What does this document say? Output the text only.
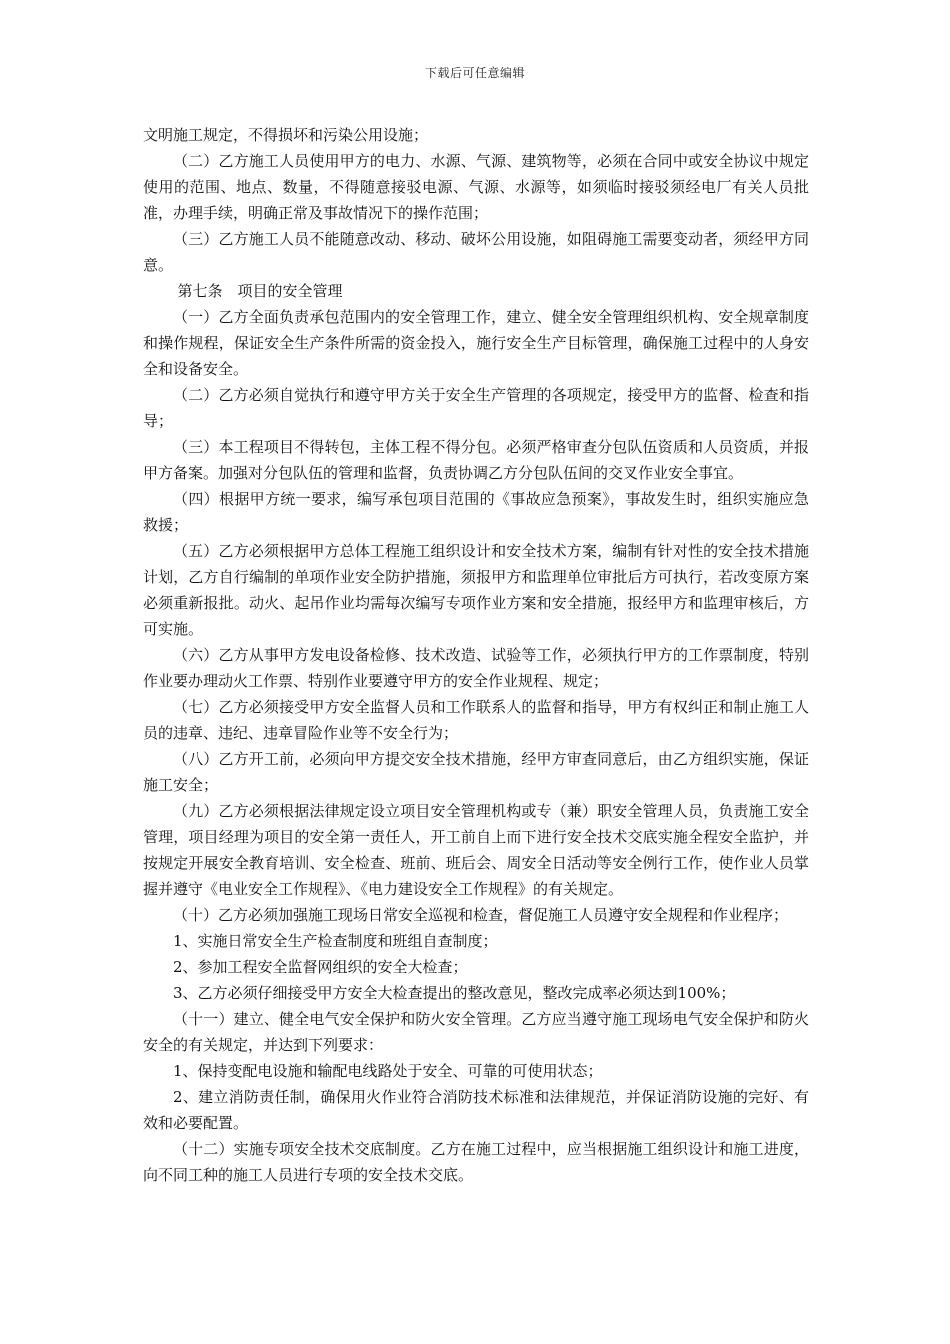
下载后可任意编辑

文明施工规定，不得损坏和污染公用设施；

（二）乙方施工人员使用甲方的电力、水源、气源、建筑物等，必须在合同中或安全协议中规定使用的范围、地点、数量，不得随意接驳电源、气源、水源等，如须临时接驳须经电厂有关人员批准，办理手续，明确正常及事故情况下的操作范围；

（三）乙方施工人员不能随意改动、移动、破坏公用设施，如阻碍施工需要变动者，须经甲方同意。

第七条　项目的安全管理

（一）乙方全面负责承包范围内的安全管理工作，建立、健全安全管理组织机构、安全规章制度和操作规程，保证安全生产条件所需的资金投入，施行安全生产目标管理，确保施工过程中的人身安全和设备安全。

（二）乙方必须自觉执行和遵守甲方关于安全生产管理的各项规定，接受甲方的监督、检查和指导；

（三）本工程项目不得转包，主体工程不得分包。必须严格审查分包队伍资质和人员资质，并报甲方备案。加强对分包队伍的管理和监督，负责协调乙方分包队伍间的交叉作业安全事宜。

（四）根据甲方统一要求，编写承包项目范围的《事故应急预案》，事故发生时，组织实施应急救援；

（五）乙方必须根据甲方总体工程施工组织设计和安全技术方案，编制有针对性的安全技术措施计划，乙方自行编制的单项作业安全防护措施，须报甲方和监理单位审批后方可执行，若改变原方案必须重新报批。动火、起吊作业均需每次编写专项作业方案和安全措施，报经甲方和监理审核后，方可实施。

（六）乙方从事甲方发电设备检修、技术改造、试验等工作，必须执行甲方的工作票制度，特别作业要办理动火工作票、特别作业要遵守甲方的安全作业规程、规定；

（七）乙方必须接受甲方安全监督人员和工作联系人的监督和指导，甲方有权纠正和制止施工人员的违章、违纪、违章冒险作业等不安全行为；

（八）乙方开工前，必须向甲方提交安全技术措施，经甲方审查同意后，由乙方组织实施，保证施工安全；

（九）乙方必须根据法律规定设立项目安全管理机构或专（兼）职安全管理人员，负责施工安全管理，项目经理为项目的安全第一责任人，开工前自上而下进行安全技术交底实施全程安全监护，并按规定开展安全教育培训、安全检查、班前、班后会、周安全日活动等安全例行工作，使作业人员掌握并遵守《电业安全工作规程》、《电力建设安全工作规程》的有关规定。

（十）乙方必须加强施工现场日常安全巡视和检查，督促施工人员遵守安全规程和作业程序；

1、实施日常安全生产检查制度和班组自查制度；

2、参加工程安全监督网组织的安全大检查；

3、乙方必须仔细接受甲方安全大检查提出的整改意见，整改完成率必须达到100%；

（十一）建立、健全电气安全保护和防火安全管理。乙方应当遵守施工现场电气安全保护和防火安全的有关规定，并达到下列要求：

1、保持变配电设施和输配电线路处于安全、可靠的可使用状态；

2、建立消防责任制，确保用火作业符合消防技术标准和法律规范，并保证消防设施的完好、有效和必要配置。

（十二）实施专项安全技术交底制度。乙方在施工过程中，应当根据施工组织设计和施工进度，向不同工种的施工人员进行专项的安全技术交底。
